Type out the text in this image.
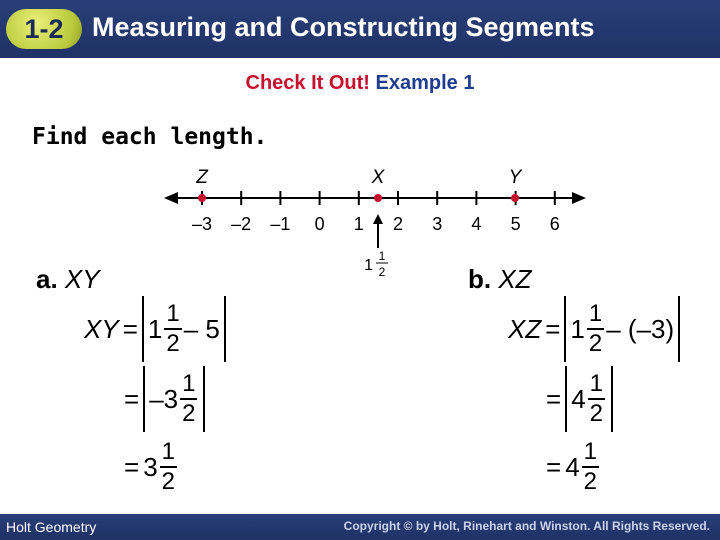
1-2	Measuring and Constructing Segments
Check It Out! Example 1
Find each length.
–3 –2 –1 0 1 2 3 4 5 6
Z	X	Y
1
1
2
a. XY
XY = $1 \frac{1}{2} - 5$
= $-3 \frac{1}{2}$
= $3 \frac{1}{2}$
b. XZ
XZ = $1 \frac{1}{2} - (-3)$
= $4 \frac{1}{2}$
= $4 \frac{1}{2}$
Holt Geometry	Copyright © by Holt, Rinehart and Winston. All Rights Reserved.
